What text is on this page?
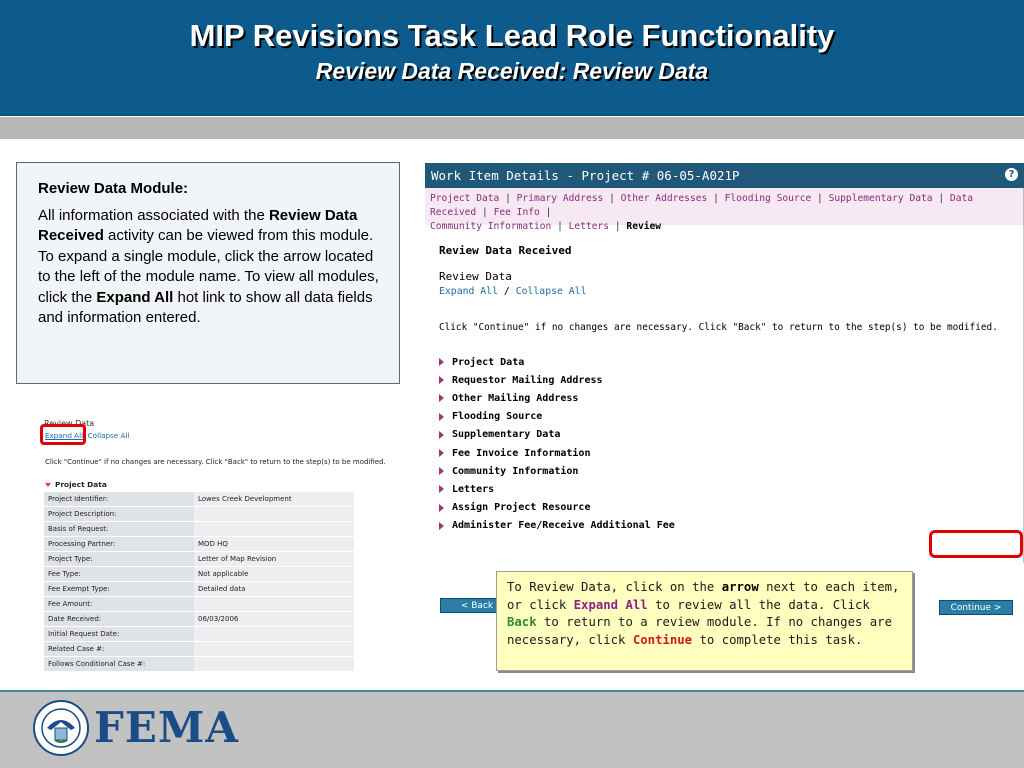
MIP Revisions Task Lead Role Functionality
Review Data Received: Review Data
Review Data Module:
All information associated with the Review Data Received activity can be viewed from this module. To expand a single module, click the arrow located to the left of the module name. To view all modules, click the Expand All hot link to show all data fields and information entered.
Work Item Details - Project # 06-05-A021P	?
Project Data | Primary Address | Other Addresses | Flooding Source | Supplementary Data | Data Received | Fee Info |
Community Information | Letters | Review
Review Data Received
Review Data
Expand All / Collapse All
Click "Continue" if no changes are necessary. Click "Back" to return to the step(s) to be modified.
Project Data
Requestor Mailing Address
Other Mailing Address
Flooding Source
Supplementary Data
Fee Invoice Information
Community Information
Letters
Assign Project Resource
Administer Fee/Receive Additional Fee
< Back	Continue >
To Review Data, click on the arrow next to each item, or click Expand All to review all the data. Click Back to return to a review module. If no changes are necessary, click Continue to complete this task.
Review Data
Expand All Collapse All
Click "Continue" if no changes are necessary. Click "Back" to return to the step(s) to be modified.
Project Data
Project Identifier:	Lowes Creek Development
Project Description:	
Basis of Request:	
Processing Partner:	MOD HQ
Project Type:	Letter of Map Revision
Fee Type:	Not applicable
Fee Exempt Type:	Detailed data
Fee Amount:	
Date Received:	06/03/2006
Initial Request Date:	
Related Case #:	
Follows Conditional Case #:	
FEMA
